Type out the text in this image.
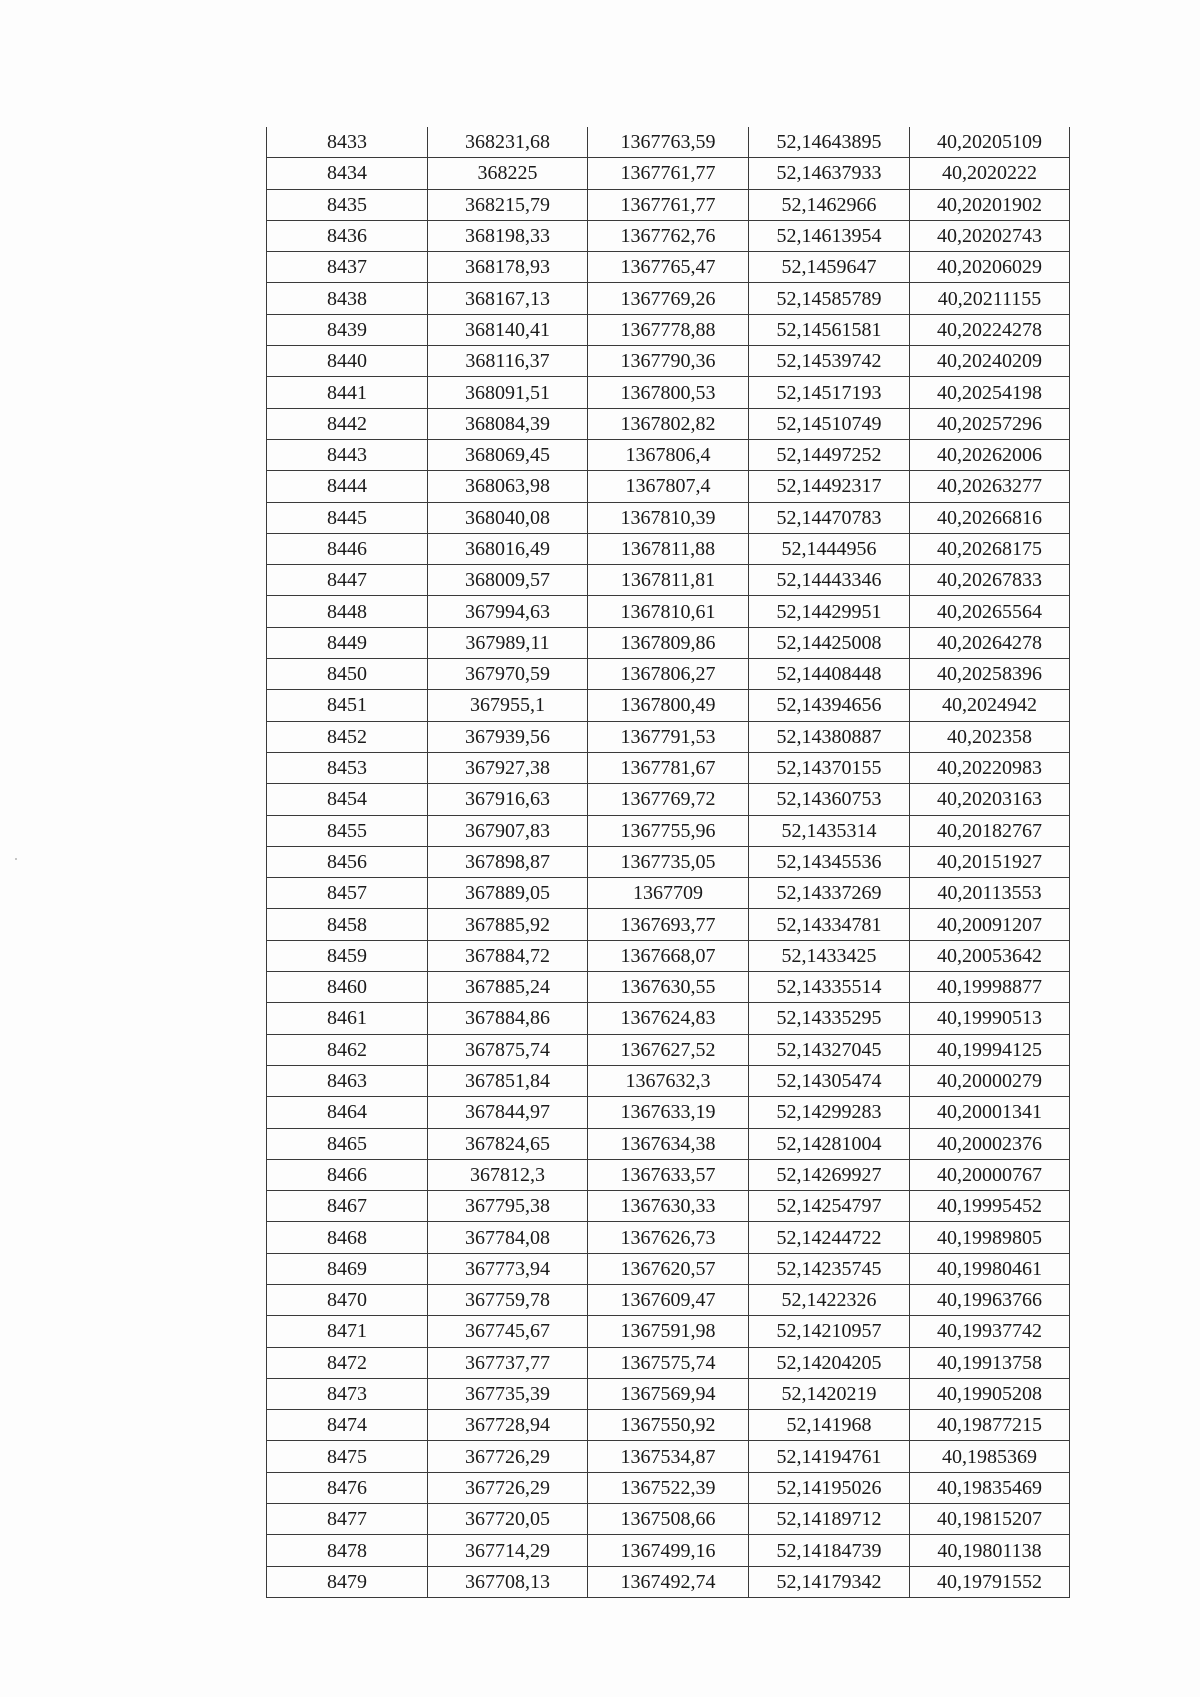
8433	368231,68	1367763,59	52,14643895	40,20205109
8434	368225	1367761,77	52,14637933	40,2020222
8435	368215,79	1367761,77	52,1462966	40,20201902
8436	368198,33	1367762,76	52,14613954	40,20202743
8437	368178,93	1367765,47	52,1459647	40,20206029
8438	368167,13	1367769,26	52,14585789	40,20211155
8439	368140,41	1367778,88	52,14561581	40,20224278
8440	368116,37	1367790,36	52,14539742	40,20240209
8441	368091,51	1367800,53	52,14517193	40,20254198
8442	368084,39	1367802,82	52,14510749	40,20257296
8443	368069,45	1367806,4	52,14497252	40,20262006
8444	368063,98	1367807,4	52,14492317	40,20263277
8445	368040,08	1367810,39	52,14470783	40,20266816
8446	368016,49	1367811,88	52,1444956	40,20268175
8447	368009,57	1367811,81	52,14443346	40,20267833
8448	367994,63	1367810,61	52,14429951	40,20265564
8449	367989,11	1367809,86	52,14425008	40,20264278
8450	367970,59	1367806,27	52,14408448	40,20258396
8451	367955,1	1367800,49	52,14394656	40,2024942
8452	367939,56	1367791,53	52,14380887	40,202358
8453	367927,38	1367781,67	52,14370155	40,20220983
8454	367916,63	1367769,72	52,14360753	40,20203163
8455	367907,83	1367755,96	52,1435314	40,20182767
8456	367898,87	1367735,05	52,14345536	40,20151927
8457	367889,05	1367709	52,14337269	40,20113553
8458	367885,92	1367693,77	52,14334781	40,20091207
8459	367884,72	1367668,07	52,1433425	40,20053642
8460	367885,24	1367630,55	52,14335514	40,19998877
8461	367884,86	1367624,83	52,14335295	40,19990513
8462	367875,74	1367627,52	52,14327045	40,19994125
8463	367851,84	1367632,3	52,14305474	40,20000279
8464	367844,97	1367633,19	52,14299283	40,20001341
8465	367824,65	1367634,38	52,14281004	40,20002376
8466	367812,3	1367633,57	52,14269927	40,20000767
8467	367795,38	1367630,33	52,14254797	40,19995452
8468	367784,08	1367626,73	52,14244722	40,19989805
8469	367773,94	1367620,57	52,14235745	40,19980461
8470	367759,78	1367609,47	52,1422326	40,19963766
8471	367745,67	1367591,98	52,14210957	40,19937742
8472	367737,77	1367575,74	52,14204205	40,19913758
8473	367735,39	1367569,94	52,1420219	40,19905208
8474	367728,94	1367550,92	52,141968	40,19877215
8475	367726,29	1367534,87	52,14194761	40,1985369
8476	367726,29	1367522,39	52,14195026	40,19835469
8477	367720,05	1367508,66	52,14189712	40,19815207
8478	367714,29	1367499,16	52,14184739	40,19801138
8479	367708,13	1367492,74	52,14179342	40,19791552
